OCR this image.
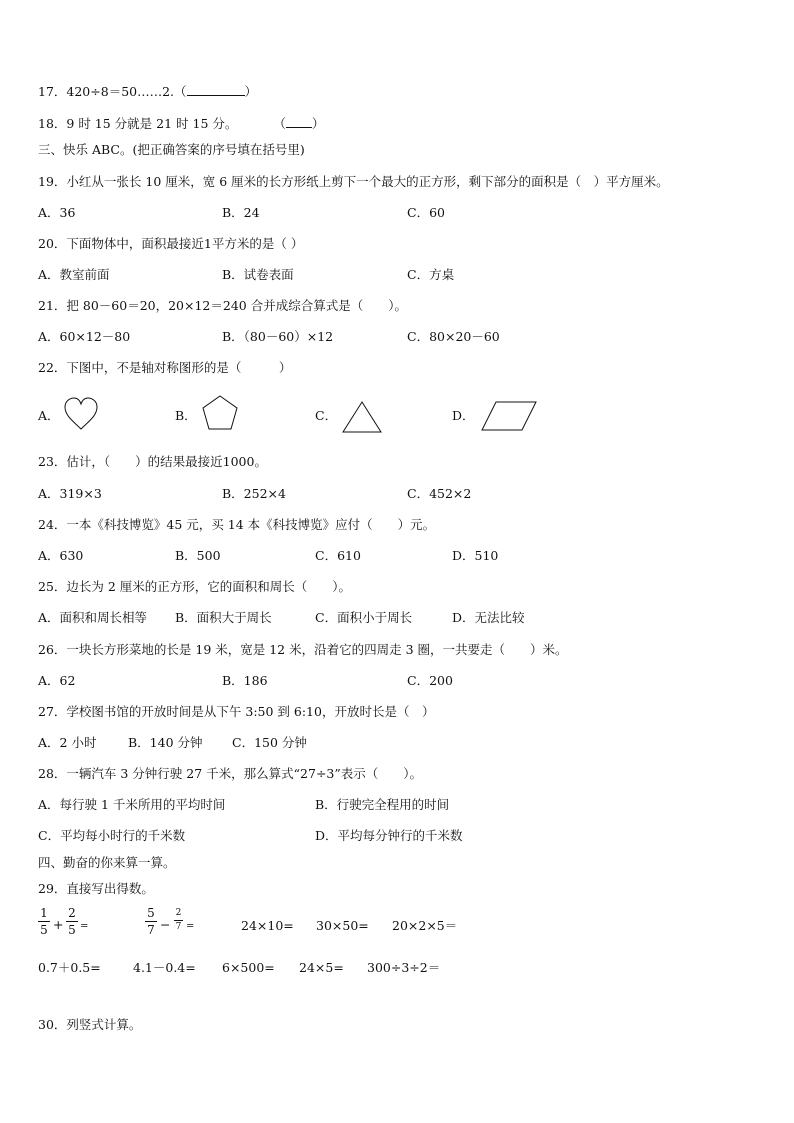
17．420÷8＝50……2.（	）
18．9 时 15 分就是 21 时 15 分。	（ ）
三、快乐 ABC。(把正确答案的序号填在括号里)
19．小红从一张长 10 厘米，宽 6 厘米的长方形纸上剪下一个最大的正方形，剩下部分的面积是（　）平方厘米。
A．36	B．24	C．60
20．下面物体中，面积最接近1平方米的是（ ）
A．教室前面	B．试卷表面	C．方桌
21．把 80－60＝20，20×12＝240 合并成综合算式是（　　）。
A．60×12－80	B．（80－60）×12	C．80×20－60
22．下图中，不是轴对称图形的是（　　　）
A．	B．	C．	D．
23．估计，（　　）的结果最接近1000。
A．319×3	B．252×4	C．452×2
24．一本《科技博览》45 元，买 14 本《科技博览》应付（　　）元。
A．630	B．500	C．610	D．510
25．边长为 2 厘米的正方形，它的面积和周长（　　）。
A．面积和周长相等 B．面积大于周长	C．面积小于周长	D．无法比较
26．一块长方形菜地的长是 19 米，宽是 12 米，沿着它的四周走 3 圈，一共要走（　　）米。
A．62	B．186	C．200
27．学校图书馆的开放时间是从下午 3:50 到 6:10，开放时长是（　）
A．2 小时	B．140 分钟 C．150 分钟
28．一辆汽车 3 分钟行驶 27 千米，那么算式“27÷3”表示（　　）。
A．每行驶 1 千米所用的平均时间	B．行驶完全程用的时间
C．平均每小时行的千米数	D．平均每分钟行的千米数
四、勤奋的你来算一算。
29．直接写出得数。
1
5 +
2
5 =
5
7 −
2
7 =	24×10= 30×50= 20×2×5＝
0.7＋0.5=	4.1－0.4= 6×500= 24×5= 300÷3÷2＝
30．列竖式计算。
